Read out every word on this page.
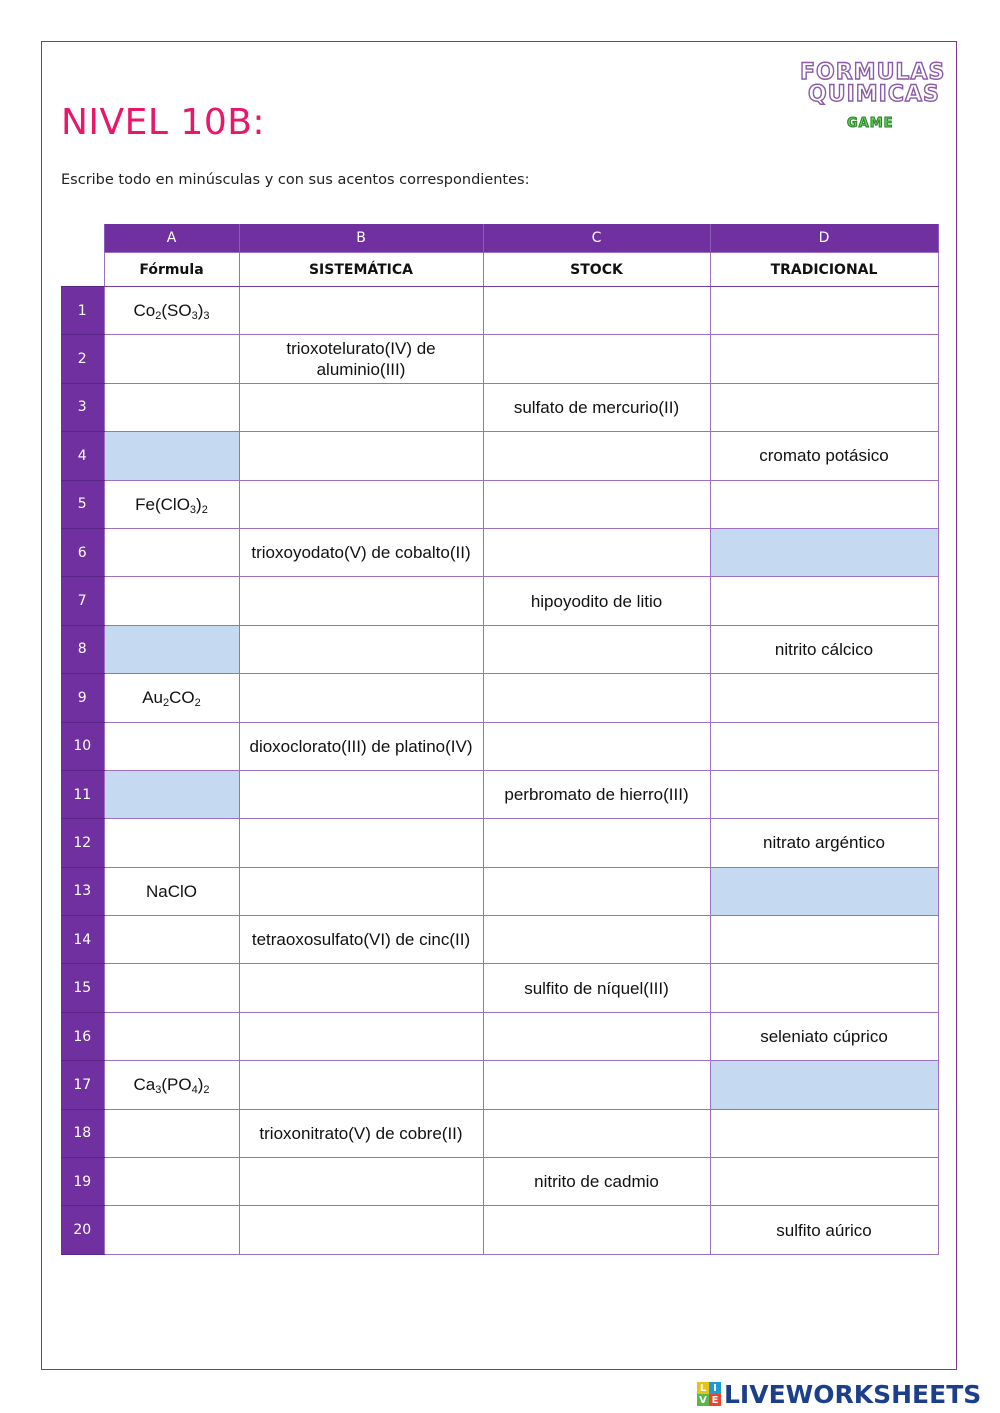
NIVEL 10B:

Escribe todo en minúsculas y con sus acentos correspondientes:

FORMULAS
QUIMICAS
GAME
	A	B	C	D
	Fórmula	SISTEMÁTICA	STOCK	TRADICIONAL
1	$Co_2(SO_3)_3$			
2		trioxotelurato(IV) de aluminio(III)		
3			sulfato de mercurio(II)	
4				cromato potásico
5	$Fe(ClO_3)_2$			
6		trioxoyodato(V) de cobalto(II)		
7			hipoyodito de litio	
8				nitrito cálcico
9	$Au_2CO_2$			
10		dioxoclorato(III) de platino(IV)		
11			perbromato de hierro(III)	
12				nitrato argéntico
13	NaClO			
14		tetraoxosulfato(VI) de cinc(II)		
15			sulfito de níquel(III)	
16				seleniato cúprico
17	$Ca_3(PO_4)_2$			
18		trioxonitrato(V) de cobre(II)		
19			nitrito de cadmio	
20				sulfito aúrico
L I
V E LIVEWORKSHEETS
